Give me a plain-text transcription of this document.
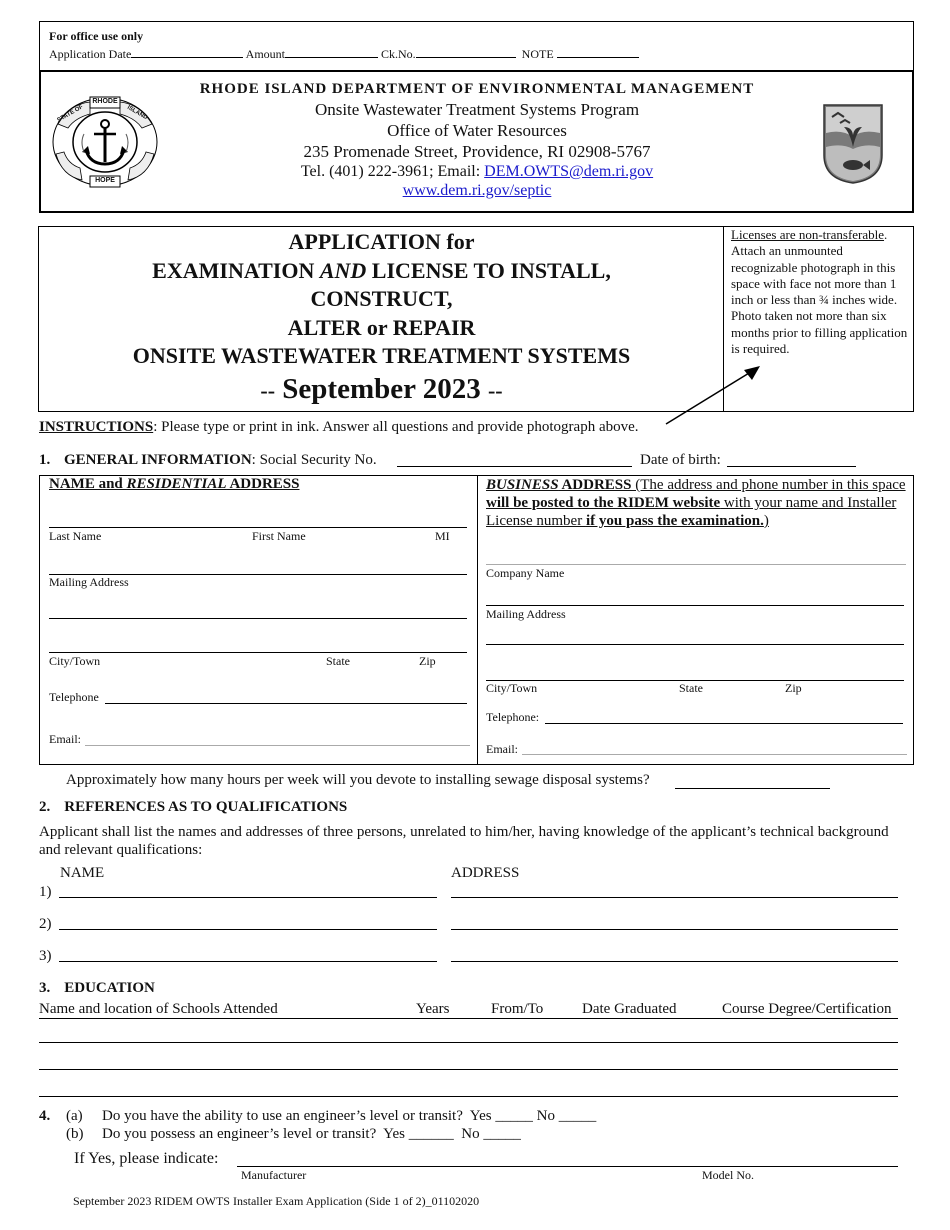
For office use only
Application Date	Amount	Ck.No.	NOTE
RHODE
STATE OF	ISLAND
HOPE
RHODE ISLAND DEPARTMENT OF ENVIRONMENTAL MANAGEMENT
Onsite Wastewater Treatment Systems Program
Office of Water Resources
235 Promenade Street, Providence, RI 02908-5767
Tel. (401) 222-3961; Email: DEM.OWTS@dem.ri.gov
www.dem.ri.gov/septic
APPLICATION for
EXAMINATION AND LICENSE TO INSTALL,
CONSTRUCT,
ALTER or REPAIR
ONSITE WASTEWATER TREATMENT SYSTEMS
-- September 2023 --
Licenses are non-transferable. Attach an unmounted recognizable photograph in this space with face not more than 1 inch or less than ¾ inches wide. Photo taken not more than six months prior to filling application is required.
INSTRUCTIONS: Please type or print in ink. Answer all questions and provide photograph above.
1. GENERAL INFORMATION: Social Security No.	Date of birth:
NAME and RESIDENTIAL ADDRESS
Last Name	First Name	MI
Mailing Address
City/Town	State	Zip
Telephone
Email:
BUSINESS ADDRESS (The address and phone number in this space will be posted to the RIDEM website with your name and Installer License number if you pass the examination.)
Company Name
Mailing Address
City/Town	State	Zip
Telephone:
Email:
Approximately how many hours per week will you devote to installing sewage disposal systems?
2. REFERENCES AS TO QUALIFICATIONS
Applicant shall list the names and addresses of three persons, unrelated to him/her, having knowledge of the applicant’s technical background and relevant qualifications:
NAME	ADDRESS
1)
2)
3)
3. EDUCATION
Name and location of Schools Attended	Years	From/To	Date Graduated	Course Degree/Certification
4. (a) Do you have the ability to use an engineer’s level or transit?  Yes _____ No _____
(b) Do you possess an engineer’s level or transit?  Yes ______  No _____
If Yes, please indicate:
Manufacturer	Model No.
September 2023 RIDEM OWTS Installer Exam Application (Side 1 of 2)_01102020
